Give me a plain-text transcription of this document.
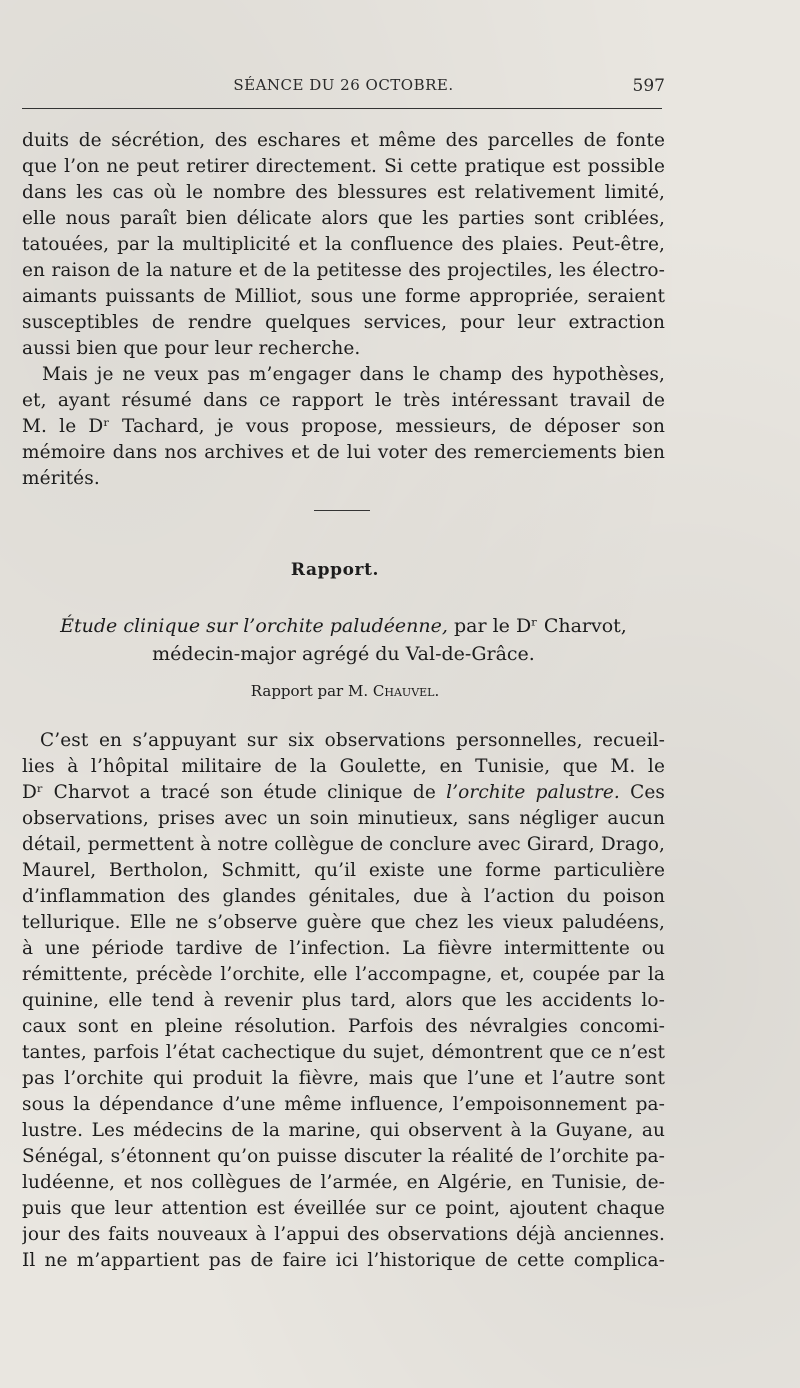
SÉANCE DU 26 OCTOBRE.	597
duits de sécrétion, des eschares et même des parcelles de fonte
que l’on ne peut retirer directement. Si cette pratique est possible
dans les cas où le nombre des blessures est relativement limité,
elle nous paraît bien délicate alors que les parties sont criblées,
tatouées, par la multiplicité et la confluence des plaies. Peut-être,
en raison de la nature et de la petitesse des projectiles, les électro-
aimants puissants de Milliot, sous une forme appropriée, seraient
susceptibles de rendre quelques services, pour leur extraction
aussi bien que pour leur recherche.
Mais je ne veux pas m’engager dans le champ des hypothèses,
et, ayant résumé dans ce rapport le très intéressant travail de
M. le Dʳ Tachard, je vous propose, messieurs, de déposer son
mémoire dans nos archives et de lui voter des remerciements bien
mérités.
Rapport.
Étude clinique sur l’orchite paludéenne, par le Dʳ Charvot,
médecin-major agrégé du Val-de-Grâce.
Rapport par M. Chauvel.
C’est en s’appuyant sur six observations personnelles, recueil-
lies à l’hôpital militaire de la Goulette, en Tunisie, que M. le
Dʳ Charvot a tracé son étude clinique de l’orchite palustre. Ces
observations, prises avec un soin minutieux, sans négliger aucun
détail, permettent à notre collègue de conclure avec Girard, Drago,
Maurel, Bertholon, Schmitt, qu’il existe une forme particulière
d’inflammation des glandes génitales, due à l’action du poison
tellurique. Elle ne s’observe guère que chez les vieux paludéens,
à une période tardive de l’infection. La fièvre intermittente ou
rémittente, précède l’orchite, elle l’accompagne, et, coupée par la
quinine, elle tend à revenir plus tard, alors que les accidents lo-
caux sont en pleine résolution. Parfois des névralgies concomi-
tantes, parfois l’état cachectique du sujet, démontrent que ce n’est
pas l’orchite qui produit la fièvre, mais que l’une et l’autre sont
sous la dépendance d’une même influence, l’empoisonnement pa-
lustre. Les médecins de la marine, qui observent à la Guyane, au
Sénégal, s’étonnent qu’on puisse discuter la réalité de l’orchite pa-
ludéenne, et nos collègues de l’armée, en Algérie, en Tunisie, de-
puis que leur attention est éveillée sur ce point, ajoutent chaque
jour des faits nouveaux à l’appui des observations déjà anciennes.
Il ne m’appartient pas de faire ici l’historique de cette complica-
